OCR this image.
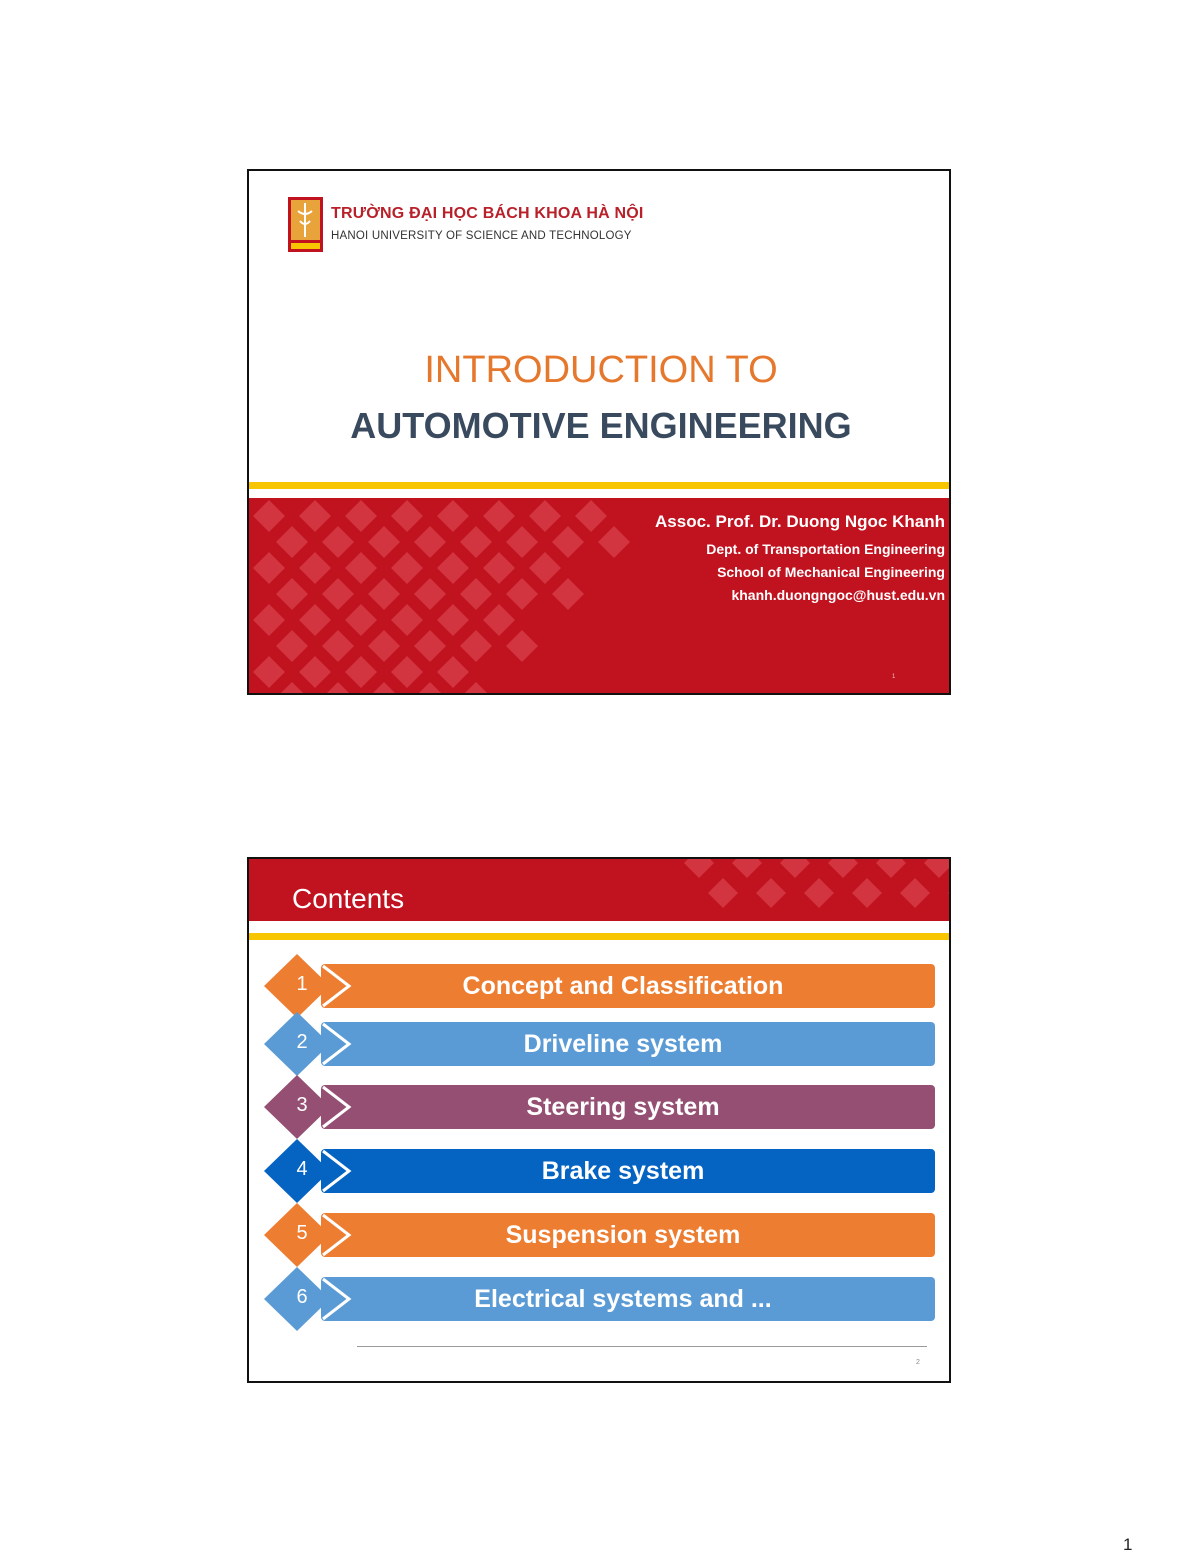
TRƯỜNG ĐẠI HỌC BÁCH KHOA HÀ NỘI
HANOI UNIVERSITY OF SCIENCE AND TECHNOLOGY
INTRODUCTION TO
AUTOMOTIVE ENGINEERING
Assoc. Prof. Dr. Duong Ngoc Khanh
Dept. of Transportation Engineering
School of Mechanical Engineering
khanh.duongngoc@hust.edu.vn
1
Contents
1	Concept and Classification
2	Driveline system
3	Steering system
4	Brake system
5	Suspension system
6	Electrical systems and ...
2
1
